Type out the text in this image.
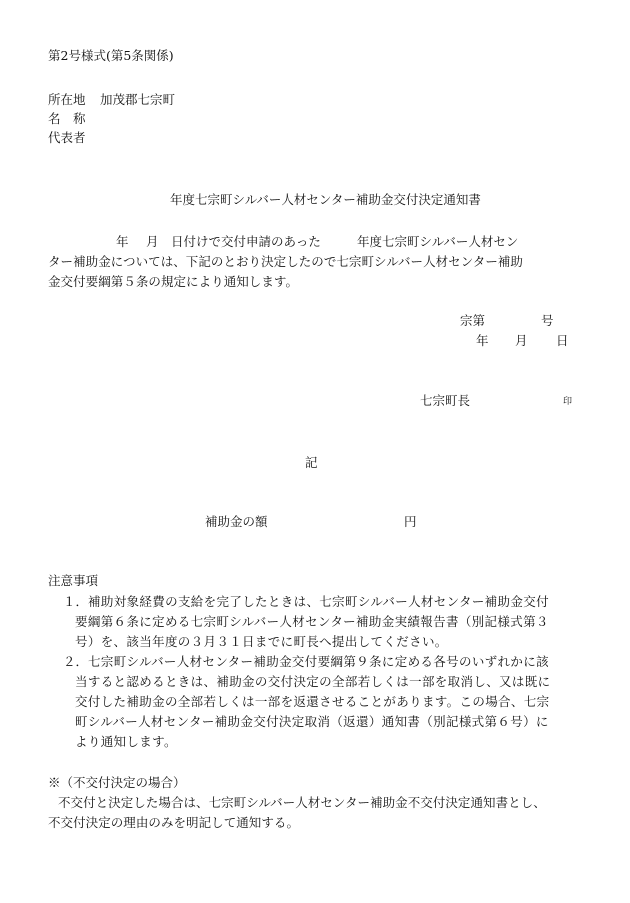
第2号様式(第5条関係)
所在地 加茂郡七宗町
名　称
代表者
年度七宗町シルバー人材センター補助金交付決定通知書
年 月 日付けで交付申請のあった	年度七宗町シルバー人材セン
ター補助金については、下記のとおり決定したので七宗町シルバー人材センター補助
金交付要綱第５条の規定により通知します。
宗第	号
年 月 日
七宗町長	印
記
補助金の額	円
注意事項
１． 補助対象経費の支給を完了したときは、七宗町シルバー人材センター補助金交付
要綱第６条に定める七宗町シルバー人材センター補助金実績報告書（別記様式第３
号）を、該当年度の３月３１日までに町長へ提出してください。
２． 七宗町シルバー人材センター補助金交付要綱第９条に定める各号のいずれかに該
当すると認めるときは、補助金の交付決定の全部若しくは一部を取消し、又は既に
交付した補助金の全部若しくは一部を返還させることがあります。この場合、七宗
町シルバー人材センター補助金交付決定取消（返還）通知書（別記様式第６号）に
より通知します。
※（不交付決定の場合）
不交付と決定した場合は、七宗町シルバー人材センター補助金不交付決定通知書とし、
不交付決定の理由のみを明記して通知する。
